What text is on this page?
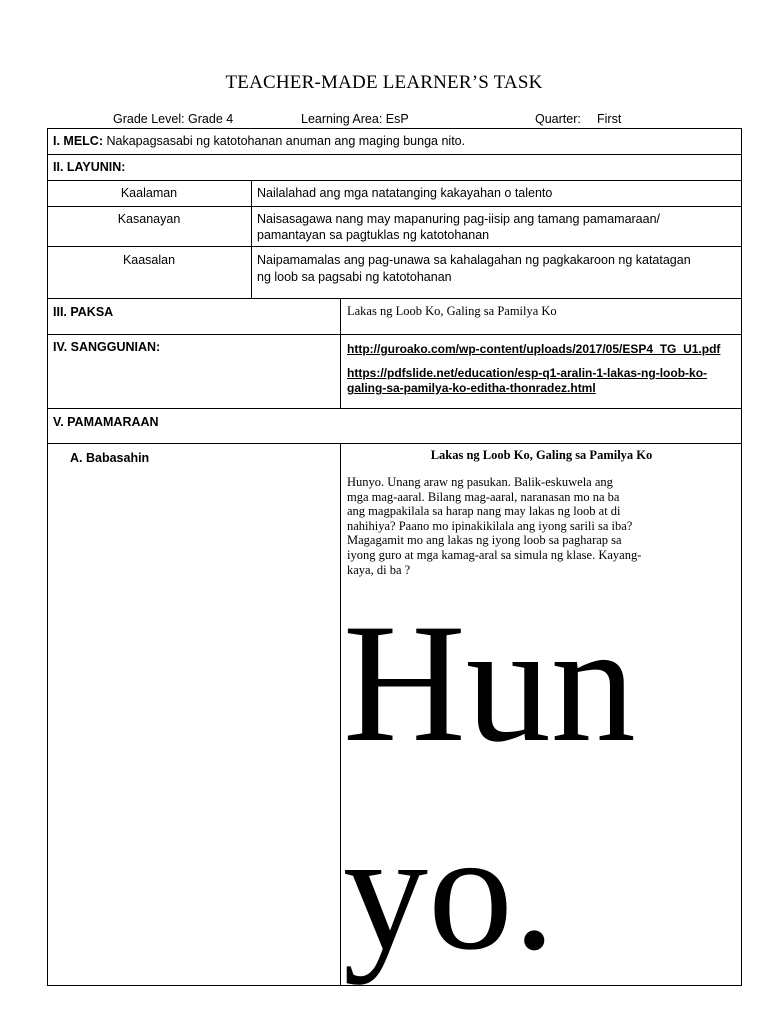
TEACHER-MADE LEARNER’S TASK
Grade Level: Grade 4	Learning Area: EsP	Quarter: First
I. MELC: Nakapagsasabi ng katotohanan anuman ang maging bunga nito.
II. LAYUNIN:
Kaalaman	Nailalahad ang mga natatanging kakayahan o talento
Kasanayan	Naisasagawa nang may mapanuring pag-iisip ang tamang pamamaraan/
pamantayan sa pagtuklas ng katotohanan
Kaasalan	Naipamamalas ang pag-unawa sa kahalagahan ng pagkakaroon ng katatagan
ng loob sa pagsabi ng katotohanan
III. PAKSA	Lakas ng Loob Ko, Galing sa Pamilya Ko
IV. SANGGUNIAN:	http://guroako.com/wp-content/uploads/2017/05/ESP4_TG_U1.pdf
https://pdfslide.net/education/esp-q1-aralin-1-lakas-ng-loob-ko-
galing-sa-pamilya-ko-editha-thonradez.html
V. PAMAMARAAN
A. Babasahin	Lakas ng Loob Ko, Galing sa Pamilya Ko
Hunyo. Unang araw ng pasukan. Balik-eskuwela ang
mga mag-aaral. Bilang mag-aaral, naranasan mo na ba
ang magpakilala sa harap nang may lakas ng loob at di
nahihiya? Paano mo ipinakikilala ang iyong sarili sa iba?
Magagamit mo ang lakas ng iyong loob sa pagharap sa
iyong guro at mga kamag-aral sa simula ng klase. Kayang-
kaya, di ba ?
Hun
yo.
